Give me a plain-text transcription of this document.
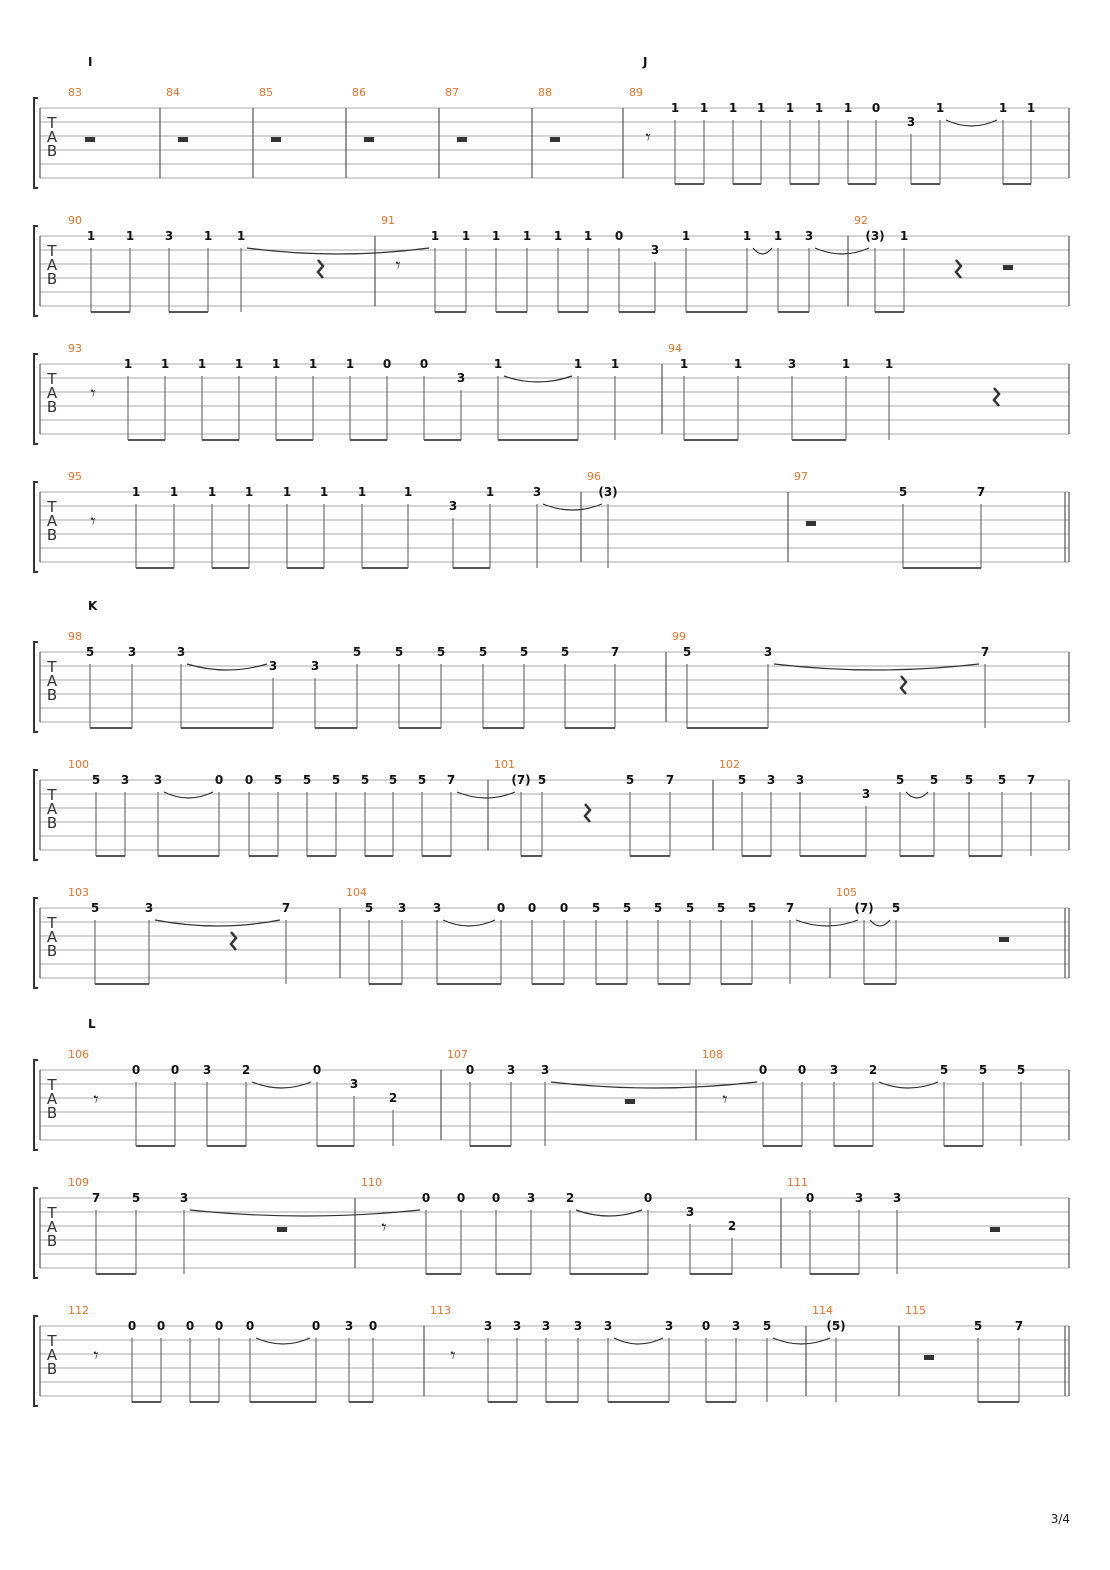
T
A
B
83	84	85	86	87	88	89
1 1 1 1 1 1 1 0
3
1	1 1
𝄾
T
A
B
90	91	92
1	1	3	1 1	1 1 1 1 1 1 0
3
1	1 1 3	(3) 1
𝄾
T
A
B
93	94
1 1 1 1 1 1 1 0 0
3
1	1 1	1	1	3	1	1
𝄾
T
A
B
95	96	97
1 1 1 1 1 1 1	1
3
1	3	(3)	5	7
𝄾
T
A
B
98	99
5	3	3
3	3
5	5	5	5	5	5	7	5	3	7
T
A
B
100	101	102
5 3 3	0 0 5 5 5 5 5 5 7	(7) 5	5	7	5 3 3
3
5 5 5 5 7
T
A
B
103	104	105
5	3	7	5 3 3	0 0 0 5 5 5 5 5 5 7	(7) 5
T
A
B
106	107	108
0	0 3	2	0
3
2
0	3 3	0	0 3	2	5	5 5
𝄾	𝄾
T
A
B
109	110	111
7	5	3	0 0 0 3	2	0
3
2
0	3 3
𝄾
T
A
B
112	113	114	115
0 0 0 0 0	0 3 0	3 3 3 3 3	3 0 3 5	(5)	5	7
𝄾	𝄾
I	J
K
L
3/4
